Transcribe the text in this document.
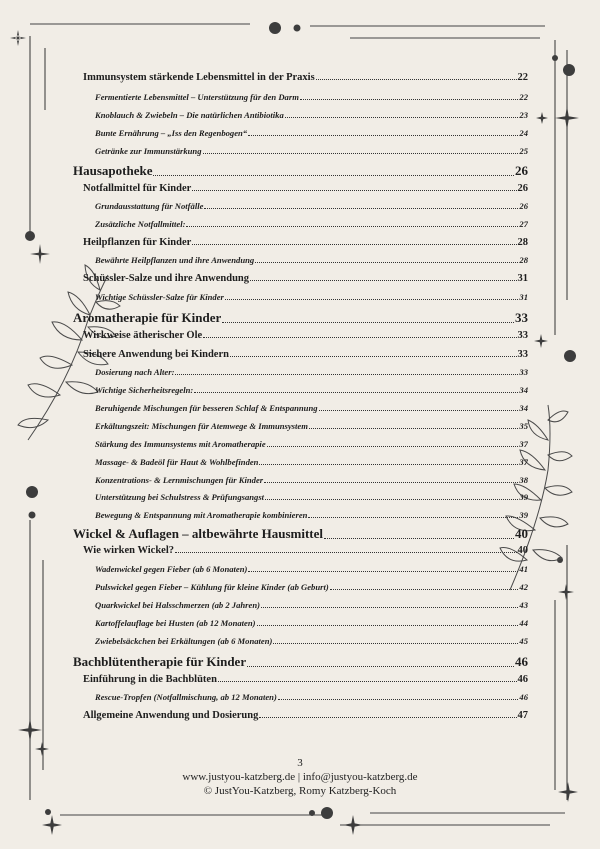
Immunsystem stärkende Lebensmittel in der Praxis	22
Fermentierte Lebensmittel – Unterstützung für den Darm	22
Knoblauch & Zwiebeln – Die natürlichen Antibiotika	23
Bunte Ernährung – „Iss den Regenbogen“	24
Getränke zur Immunstärkung	25
Hausapotheke	26
Notfallmittel für Kinder	26
Grundausstattung für Notfälle	26
Zusätzliche Notfallmittel:	27
Heilpflanzen für Kinder	28
Bewährte Heilpflanzen und ihre Anwendung	28
Schüssler-Salze und ihre Anwendung	31
Wichtige Schüssler-Salze für Kinder	31
Aromatherapie für Kinder	33
Wirkweise ätherischer Öle	33
Sichere Anwendung bei Kindern	33
Dosierung nach Alter:	33
Wichtige Sicherheitsregeln:	34
Beruhigende Mischungen für besseren Schlaf & Entspannung	34
Erkältungszeit: Mischungen für Atemwege & Immunsystem	35
Stärkung des Immunsystems mit Aromatherapie	37
Massage- & Badeöl für Haut & Wohlbefinden	37
Konzentrations- & Lernmischungen für Kinder	38
Unterstützung bei Schulstress & Prüfungsangst	39
Bewegung & Entspannung mit Aromatherapie kombinieren	39
Wickel & Auflagen – altbewährte Hausmittel	40
Wie wirken Wickel?	40
Wadenwickel gegen Fieber (ab 6 Monaten)	41
Pulswickel gegen Fieber – Kühlung für kleine Kinder (ab Geburt)	42
Quarkwickel bei Halsschmerzen (ab 2 Jahren)	43
Kartoffelauflage bei Husten (ab 12 Monaten)	44
Zwiebelsäckchen bei Erkältungen (ab 6 Monaten)	45
Bachblütentherapie für Kinder	46
Einführung in die Bachblüten	46
Rescue-Tropfen (Notfallmischung, ab 12 Monaten)	46
Allgemeine Anwendung und Dosierung	47
3
www.justyou-katzberg.de | info@justyou-katzberg.de
© JustYou-Katzberg, Romy Katzberg-Koch
